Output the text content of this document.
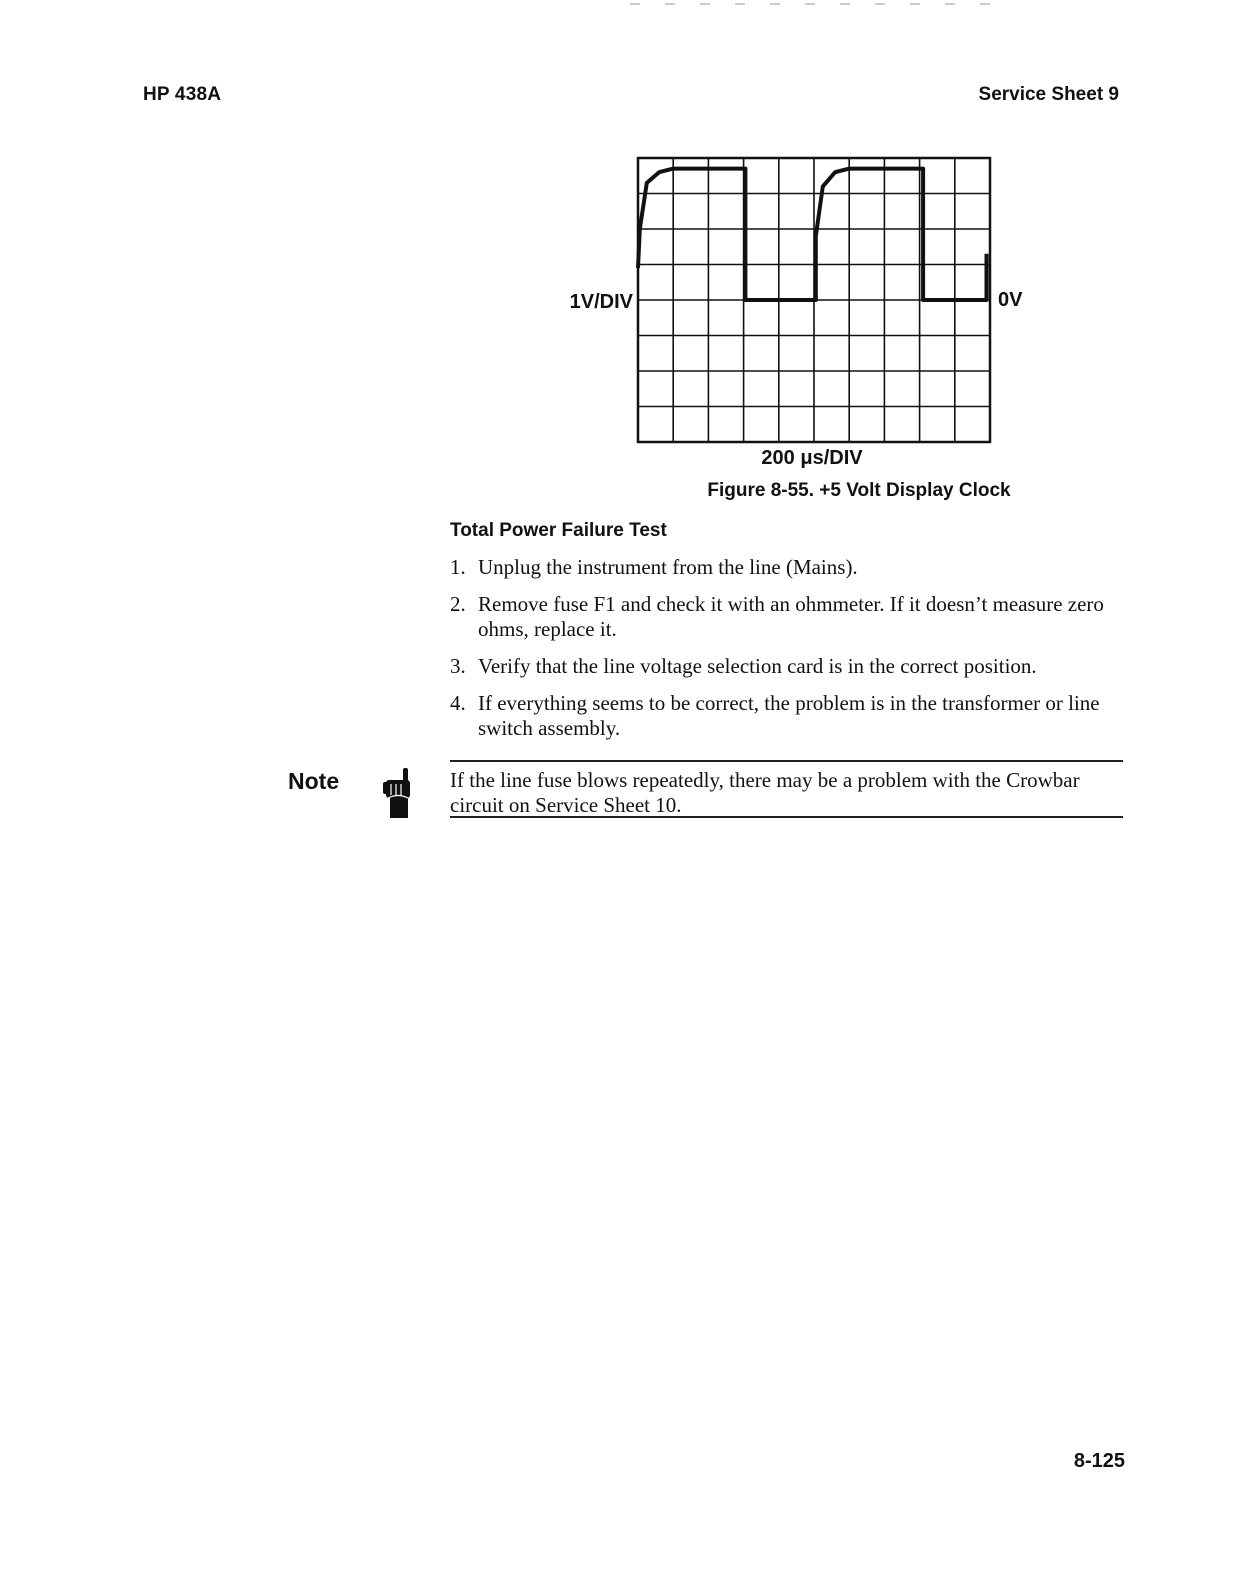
HP 438A	Service Sheet 9
1V/DIV	0V
200 μs/DIV
Figure 8-55. +5 Volt Display Clock
Total Power Failure Test
1. Unplug the instrument from the line (Mains).
2. Remove fuse F1 and check it with an ohmmeter. If it doesn’t measure zero ohms, replace it.
3. Verify that the line voltage selection card is in the correct position.
4. If everything seems to be correct, the problem is in the transformer or line switch assembly.
Note	If the line fuse blows repeatedly, there may be a problem with the Crowbar circuit on Service Sheet 10.
8-125
